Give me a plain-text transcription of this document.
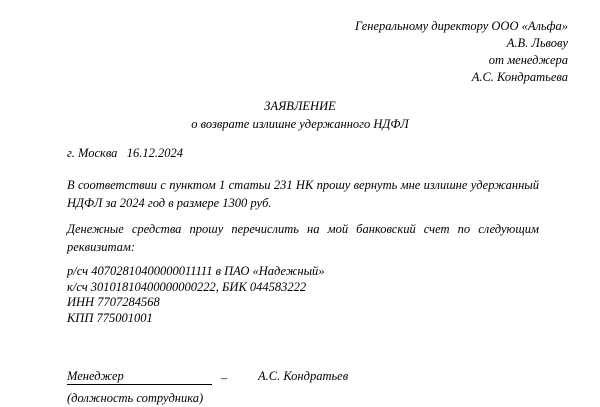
Генеральному директору ООО «Альфа»
А.В. Львову
от менеджера
А.С. Кондратьева
ЗАЯВЛЕНИЕ
о возврате излишне удержанного НДФЛ
г. Москва   16.12.2024
В соответствии с пунктом 1 статьи 231 НК прошу вернуть мне излишне удержанный НДФЛ за 2024 год в размере 1300 руб.
Денежные средства прошу перечислить на мой банковский счет по следующим реквизитам:
р/сч 40702810400000011111 в ПАО «Надежный»
к/сч 30101810400000000222, БИК 044583222
ИНН 7707284568
КПП 775001001
Менеджер	– А.С. Кондратьев
(должность сотрудника)
